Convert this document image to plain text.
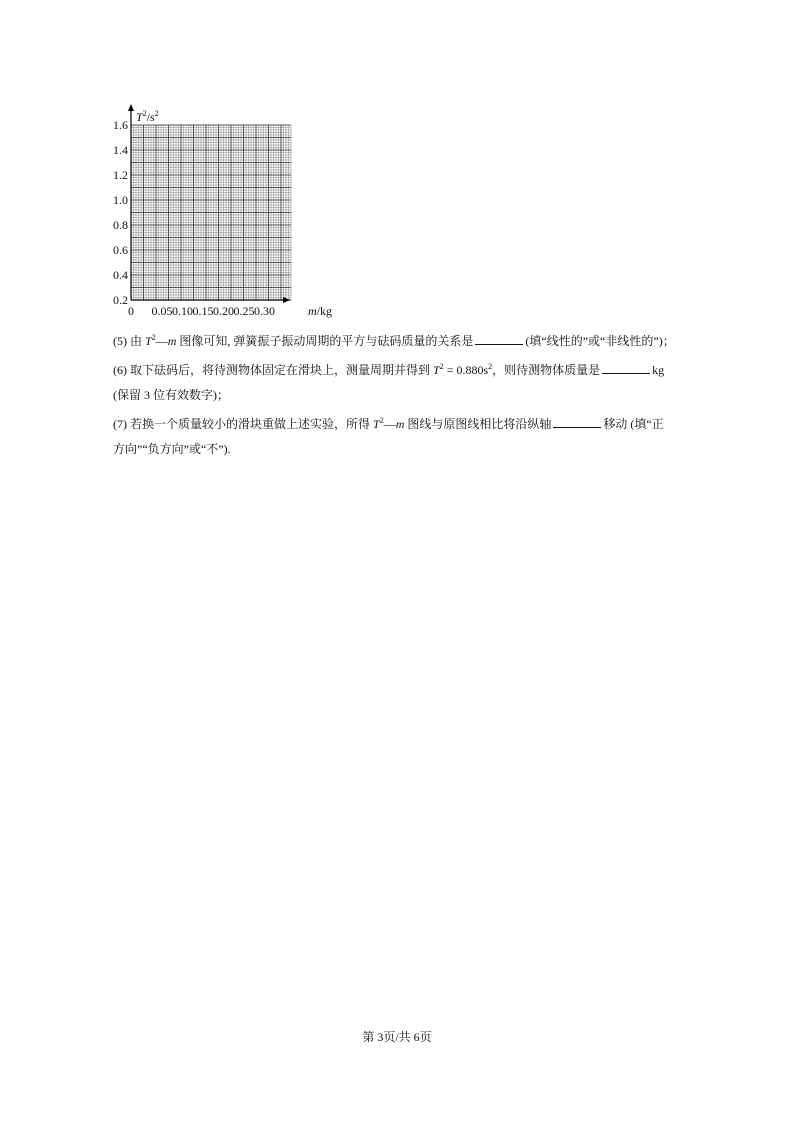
$T^2/s^2$
1.6
1.4
1.2
1.0
0.8
0.6
0.4
0.2
0.05 0.10 0.15 0.20 0.25 0.30
0	m/kg

(5) 由 $T^2—m$ 图像可知, 弹簧振子振动周期的平方与砝码质量的关系是	(填“线性的”或“非线性的”)；

(6) 取下砝码后，将待测物体固定在滑块上，测量周期并得到 $T^2 = 0.880s^2$，则待测物体质量是	kg

(保留 3 位有效数字)；

(7) 若换一个质量较小的滑块重做上述实验，所得 $T^2—m$ 图线与原图线相比将沿纵轴	移动 (填“正

方向”“负方向”或“不”).

第 3页/共 6页
